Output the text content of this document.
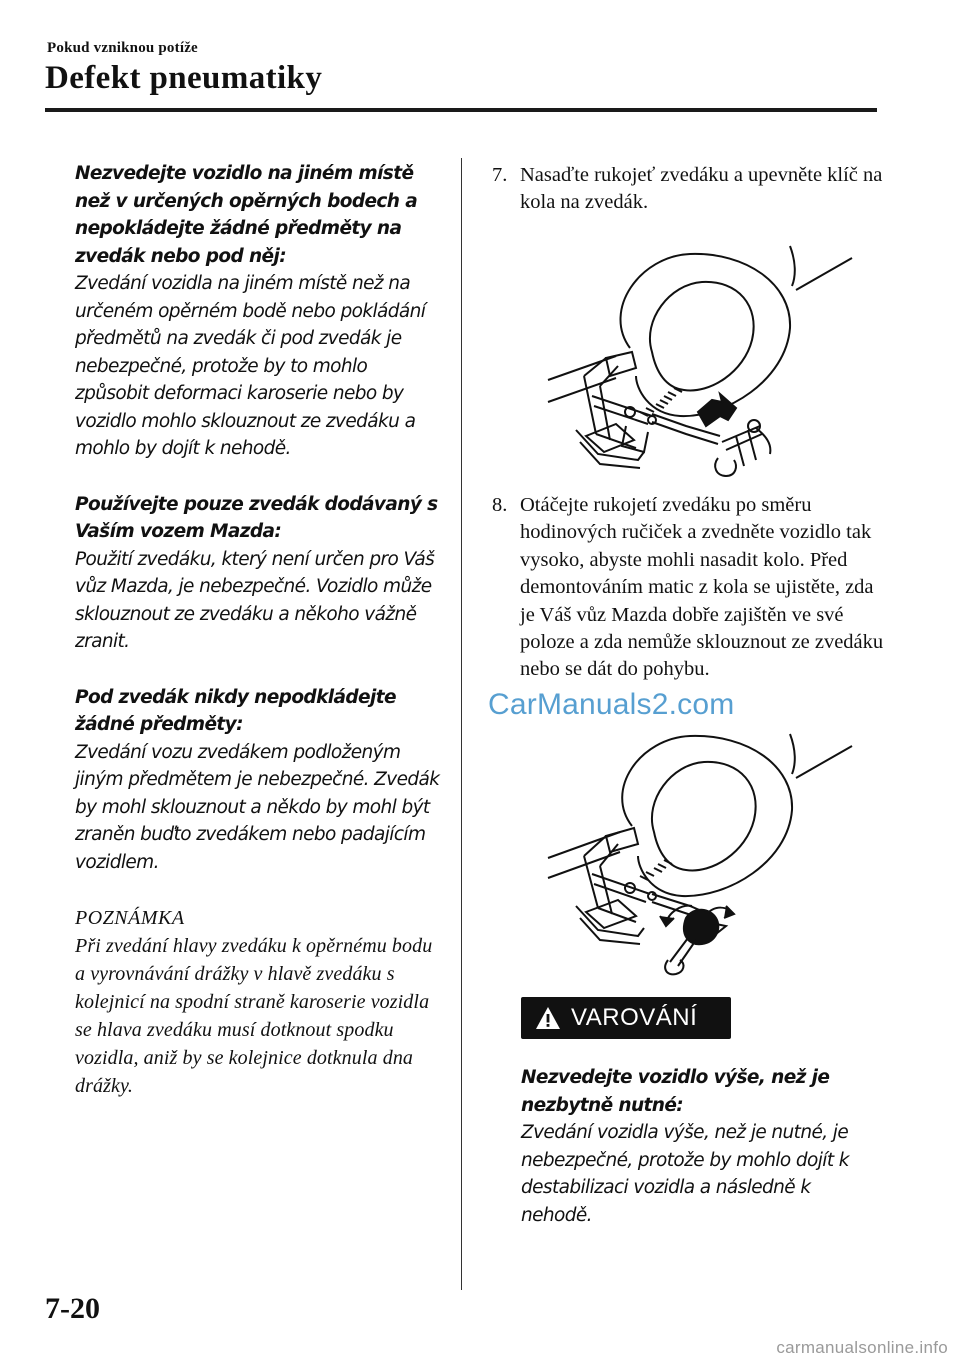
Pokud vzniknou potíže
Defekt pneumatiky
Nezvedejte vozidlo na jiném místě než v určených opěrných bodech a nepokládejte žádné předměty na zvedák nebo pod něj:

Zvedání vozidla na jiném místě než na určeném opěrném bodě nebo pokládání předmětů na zvedák či pod zvedák je nebezpečné, protože by to mohlo způsobit deformaci karoserie nebo by vozidlo mohlo sklouznout ze zvedáku a mohlo by dojít k nehodě.

Používejte pouze zvedák dodávaný s Vaším vozem Mazda:

Použití zvedáku, který není určen pro Váš vůz Mazda, je nebezpečné. Vozidlo může sklouznout ze zvedáku a někoho vážně zranit.

Pod zvedák nikdy nepodkládejte žádné předměty:

Zvedání vozu zvedákem podloženým jiným předmětem je nebezpečné. Zvedák by mohl sklouznout a někdo by mohl být zraněn buďto zvedákem nebo padajícím vozidlem.

POZNÁMKA

Při zvedání hlavy zvedáku k opěrnému bodu a vyrovnávání drážky v hlavě zvedáku s kolejnicí na spodní straně karoserie vozidla se hlava zvedáku musí dotknout spodku vozidla, aniž by se kolejnice dotknula dna drážky.

7. Nasaďte rukojeť zvedáku a upevněte klíč na kola na zvedák.
8. Otáčejte rukojetí zvedáku po směru hodinových ručiček a zvedněte vozidlo tak vysoko, abyste mohli nasadit kolo. Před demontováním matic z kola se ujistěte, zda je Váš vůz Mazda dobře zajištěn ve své poloze a zda nemůže sklouznout ze zvedáku nebo se dát do pohybu.
CarManuals2.com
VAROVÁNÍ
Nezvedejte vozidlo výše, než je nezbytně nutné:

Zvedání vozidla výše, než je nutné, je nebezpečné, protože by mohlo dojít k destabilizaci vozidla a následně k nehodě.

7-20
carmanualsonline.info
